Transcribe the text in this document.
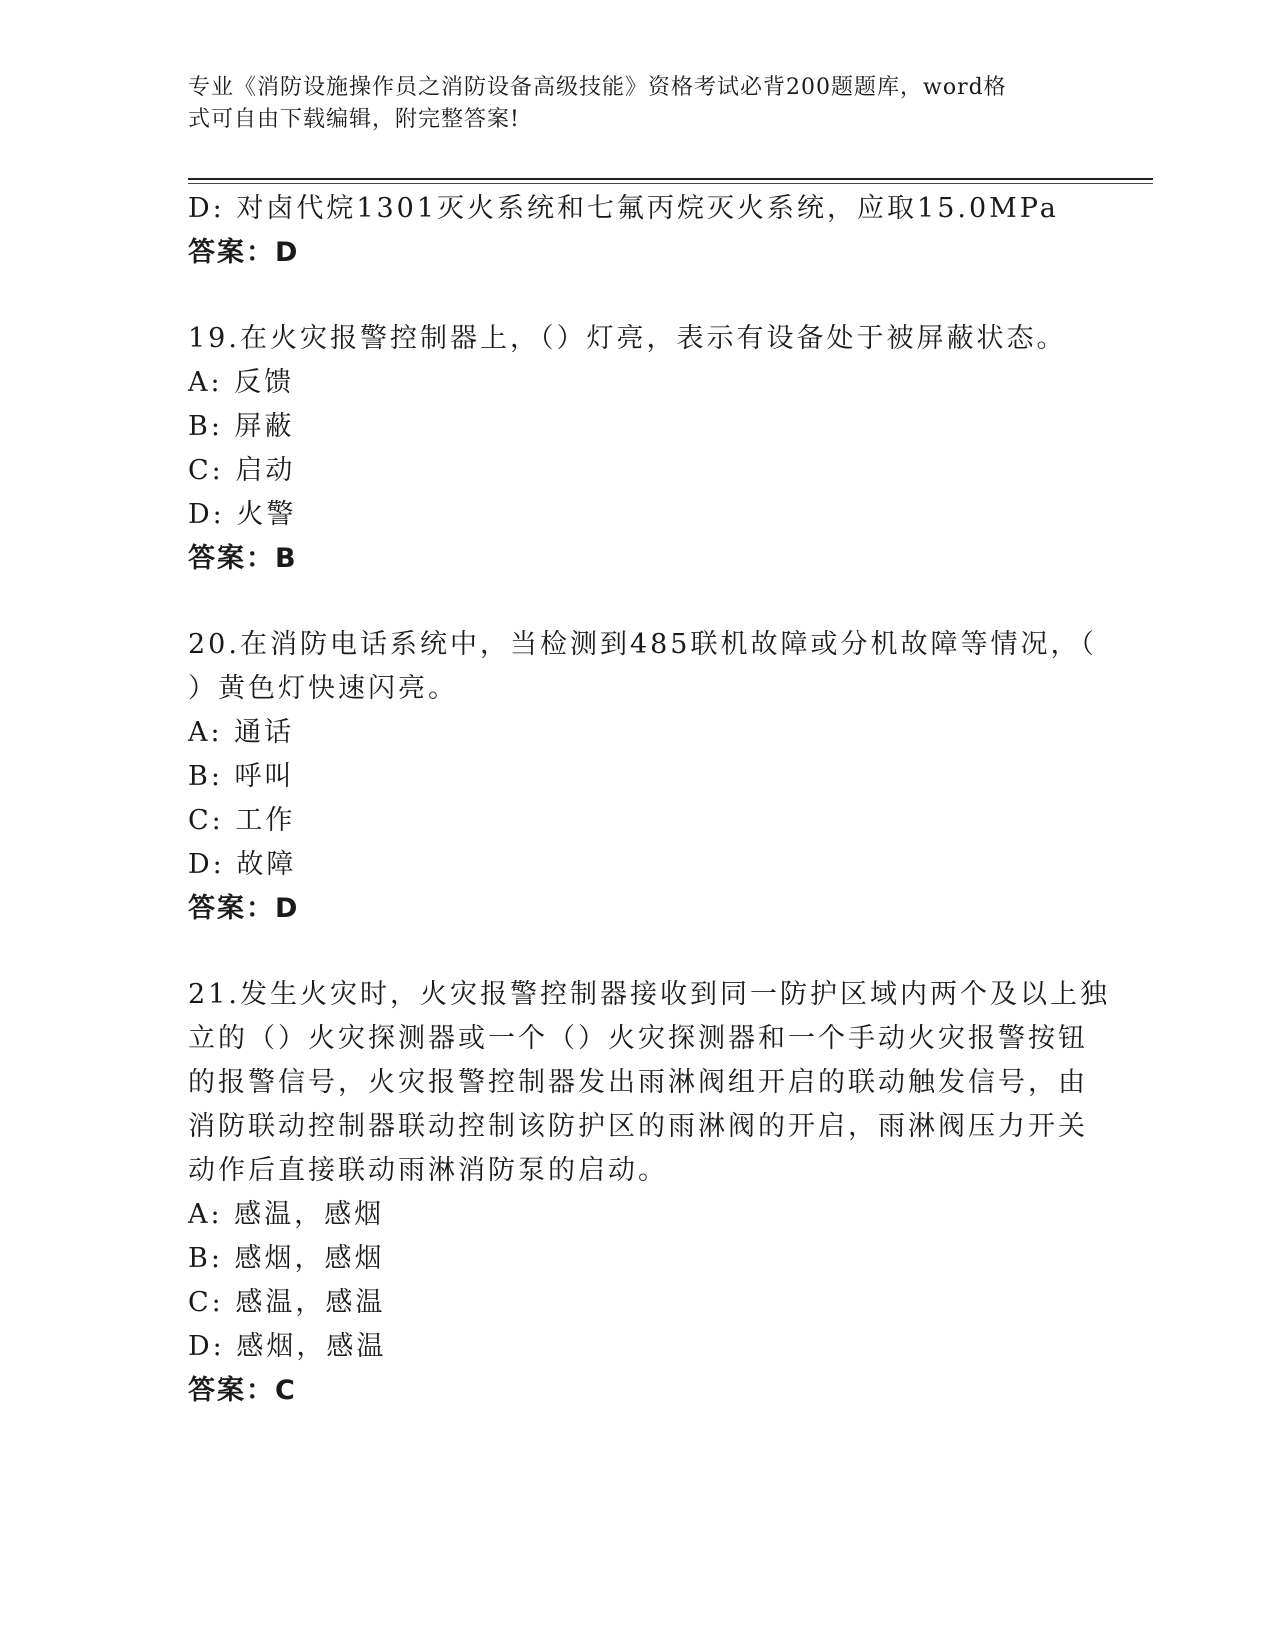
专业《消防设施操作员之消防设备高级技能》资格考试必背200题题库，word格
式可自由下载编辑，附完整答案!
D: 对卤代烷1301灭火系统和七氟丙烷灭火系统，应取15.0MPa
答案：D
19.在火灾报警控制器上，（）灯亮，表示有设备处于被屏蔽状态。
A: 反馈
B: 屏蔽
C: 启动
D: 火警
答案：B
20.在消防电话系统中，当检测到485联机故障或分机故障等情况，（
）黄色灯快速闪亮。
A: 通话
B: 呼叫
C: 工作
D: 故障
答案：D
21.发生火灾时，火灾报警控制器接收到同一防护区域内两个及以上独
立的（）火灾探测器或一个（）火灾探测器和一个手动火灾报警按钮
的报警信号，火灾报警控制器发出雨淋阀组开启的联动触发信号，由
消防联动控制器联动控制该防护区的雨淋阀的开启，雨淋阀压力开关
动作后直接联动雨淋消防泵的启动。
A: 感温，感烟
B: 感烟，感烟
C: 感温，感温
D: 感烟，感温
答案：C
